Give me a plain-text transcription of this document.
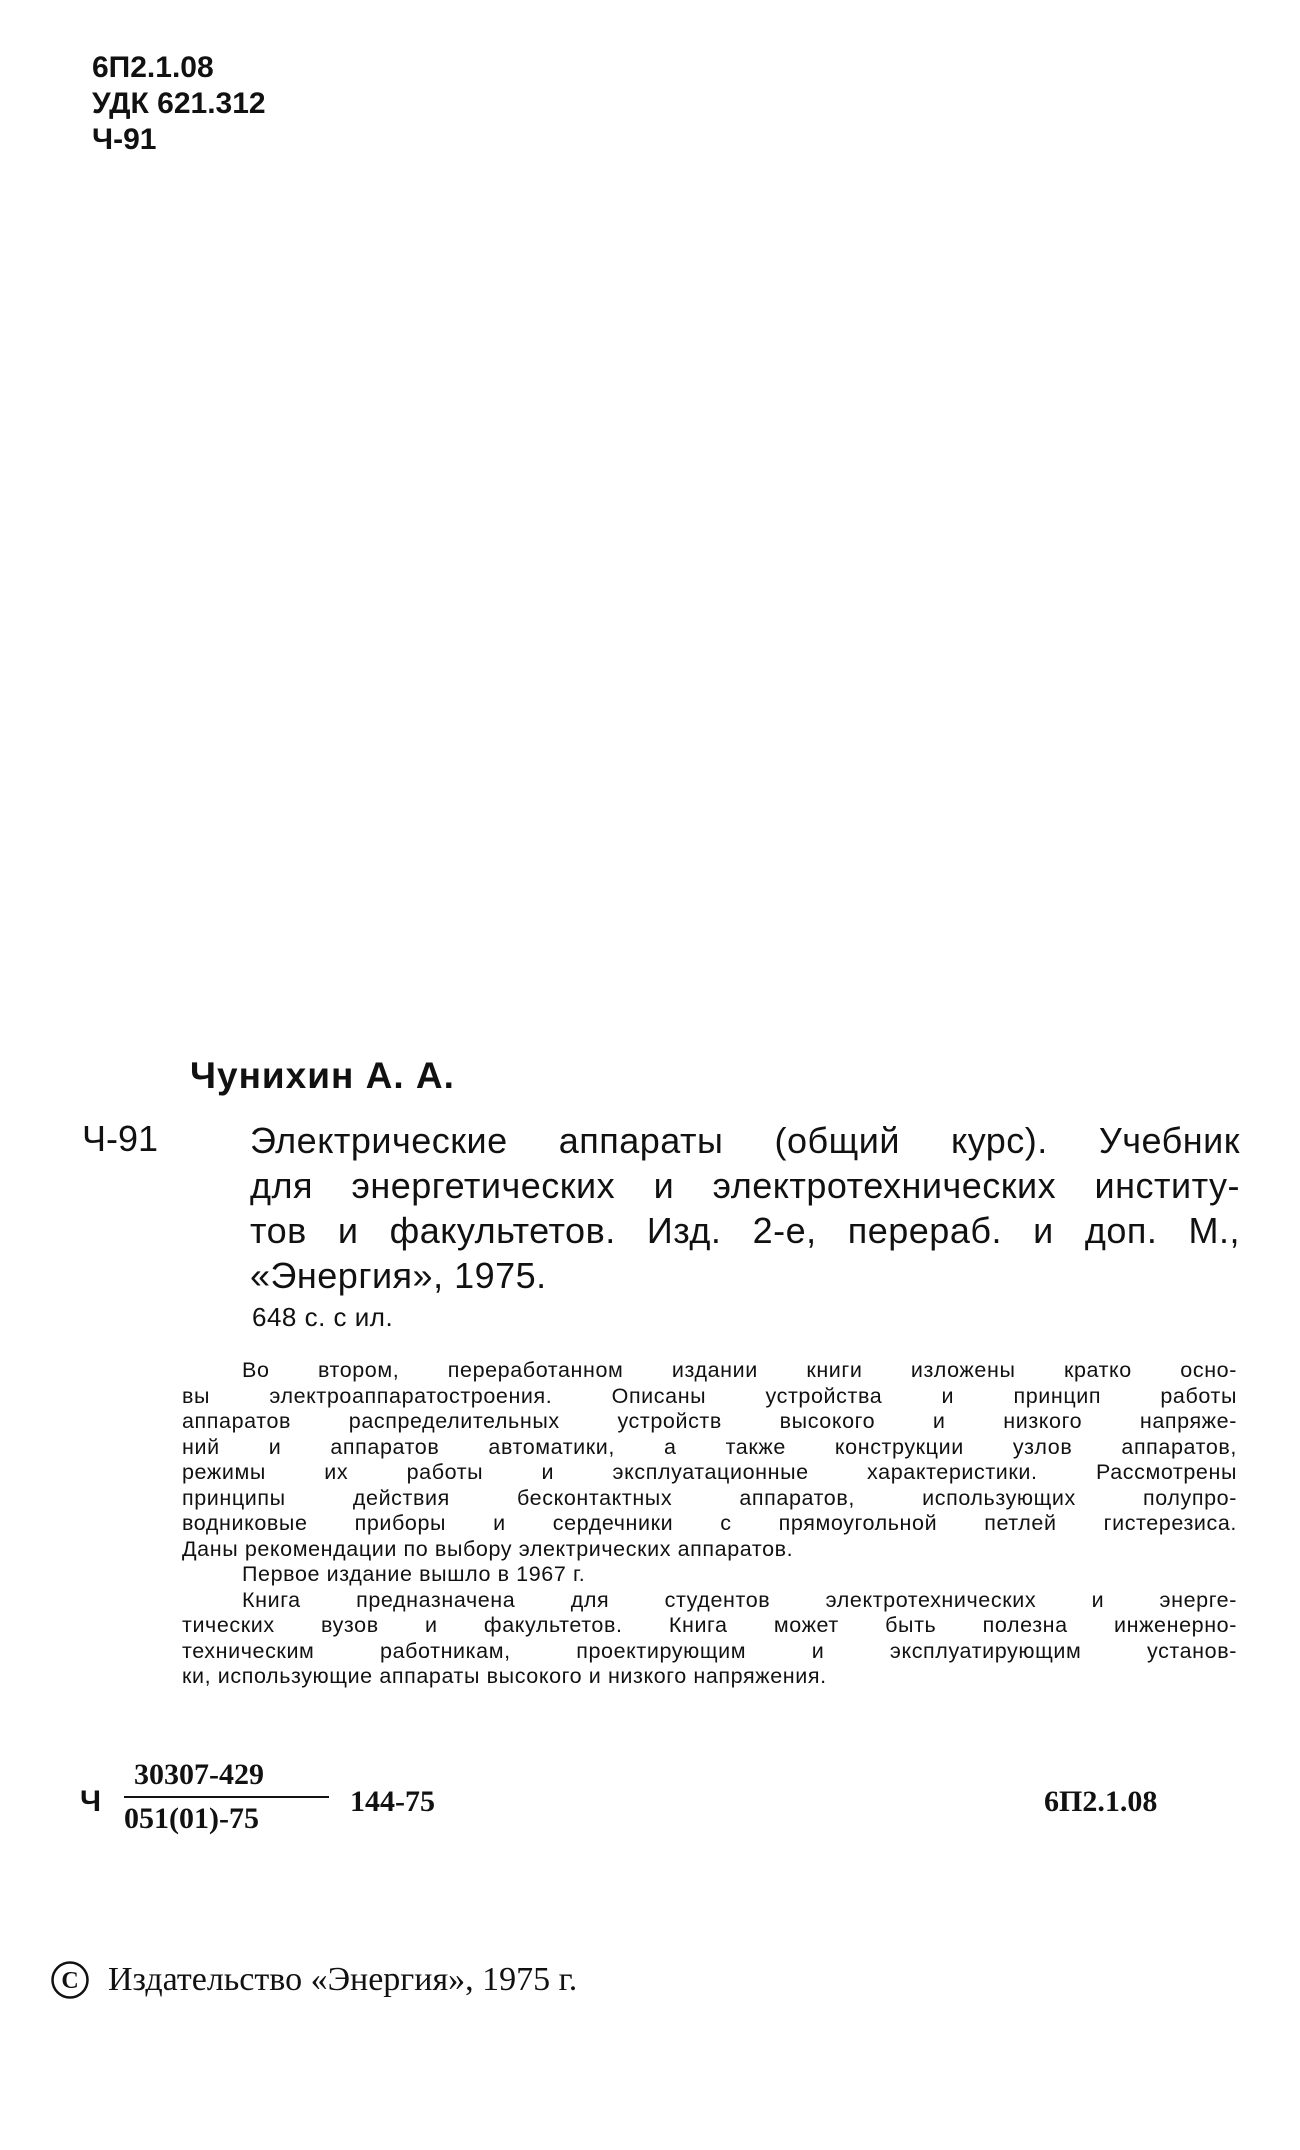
6П2.1.08
УДК 621.312
Ч-91
Чунихин А. А.
Ч-91	Электрические аппараты (общий курс). Учебник
для энергетических и электротехнических институ-
тов и факультетов. Изд. 2-е, перераб. и доп. М.,
«Энергия», 1975.
648 с. с ил.

Во втором, переработанном издании книги изложены кратко осно-
вы электроаппаратостроения. Описаны устройства и принцип работы
аппаратов распределительных устройств высокого и низкого напряже-
ний и аппаратов автоматики, а также конструкции узлов аппаратов,
режимы их работы и эксплуатационные характеристики. Рассмотрены
принципы действия бесконтактных аппаратов, использующих полупро-
водниковые приборы и сердечники с прямоугольной петлей гистерезиса.
Даны рекомендации по выбору электрических аппаратов.

Первое издание вышло в 1967 г.

Книга предназначена для студентов электротехнических и энерге-
тических вузов и факультетов. Книга может быть полезна инженерно-
техническим работникам, проектирующим и эксплуатирующим установ-
ки, использующие аппараты высокого и низкого напряжения.

Ч
30307-429
051(01)-75
144-75	6П2.1.08
C Издательство «Энергия», 1975 г.
